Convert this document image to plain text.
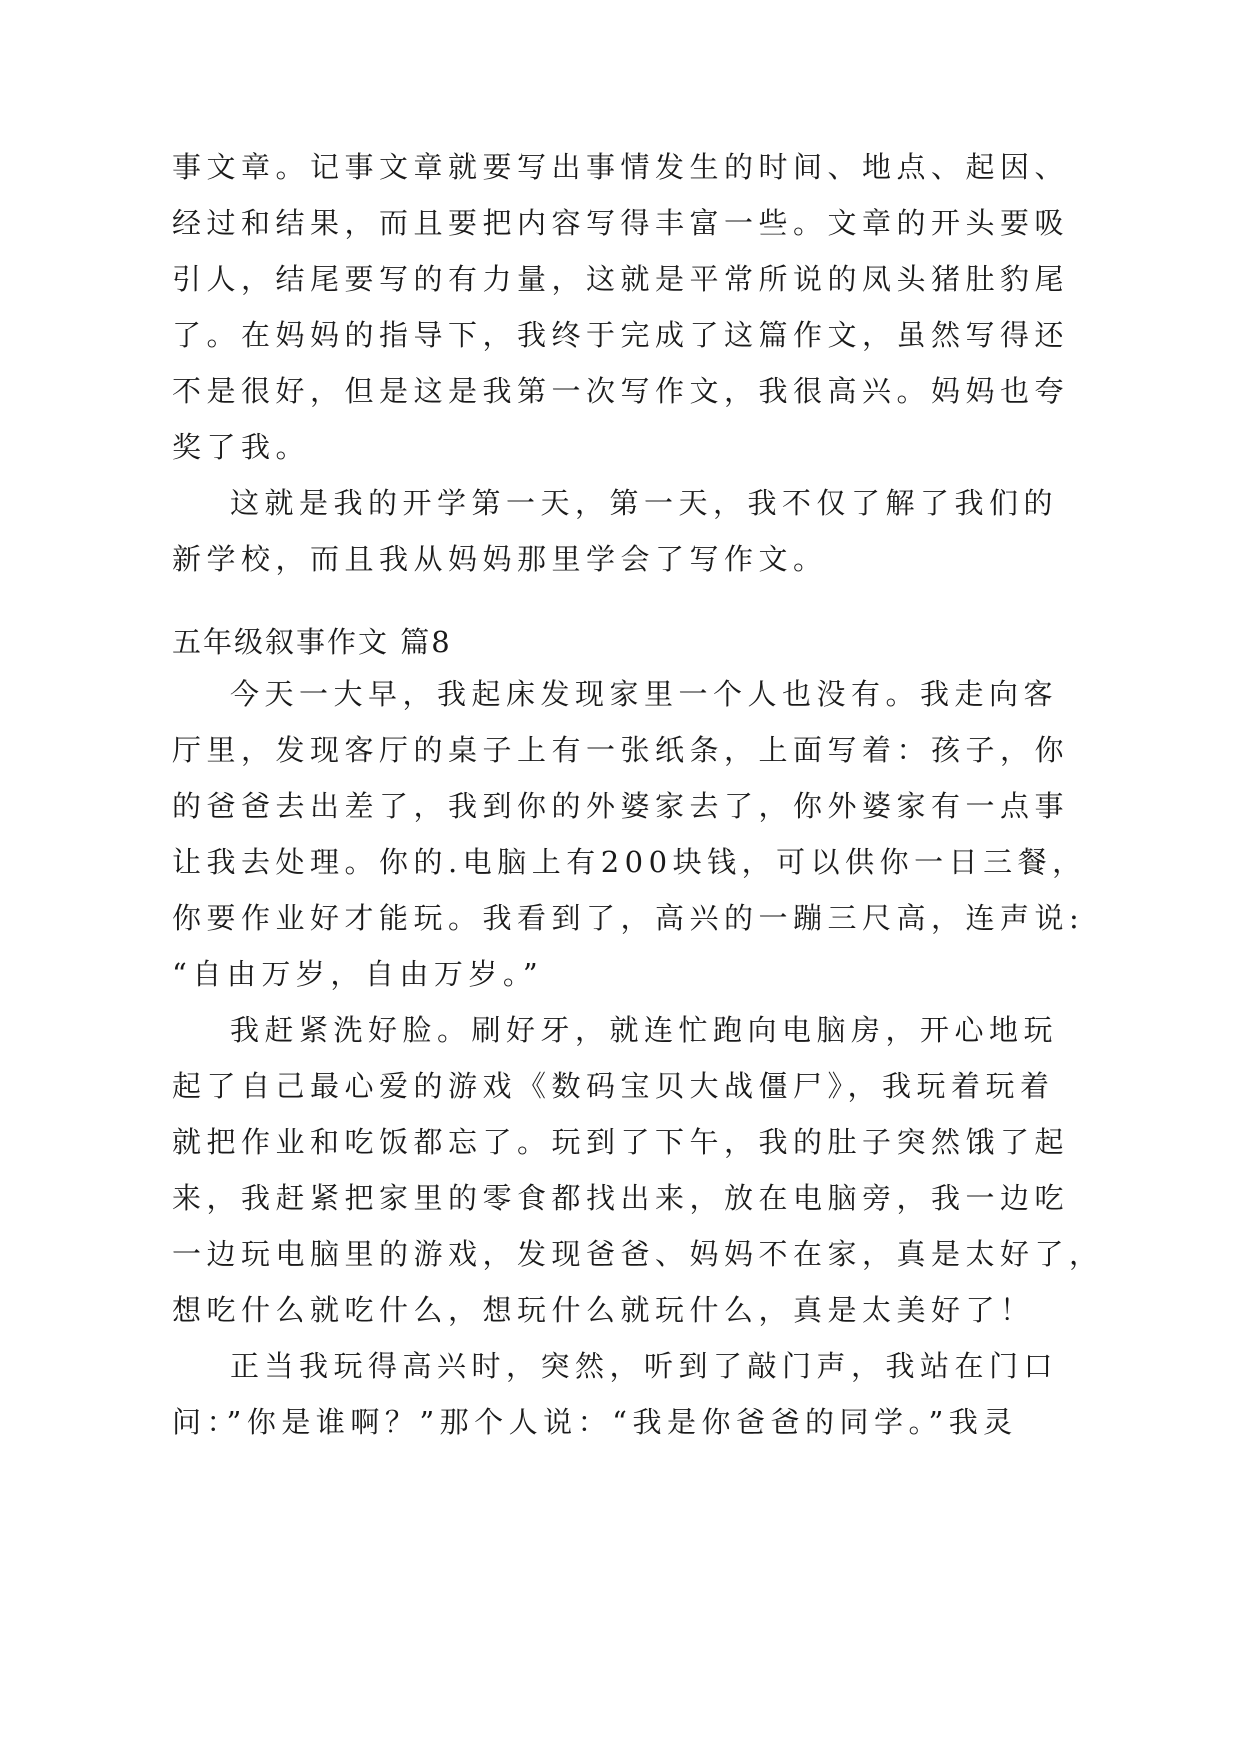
事文章。记事文章就要写出事情发生的时间、地点、起因、
经过和结果，而且要把内容写得丰富一些。文章的开头要吸
引人，结尾要写的有力量，这就是平常所说的凤头猪肚豹尾
了。在妈妈的指导下，我终于完成了这篇作文，虽然写得还
不是很好，但是这是我第一次写作文，我很高兴。妈妈也夸
奖了我。
这就是我的开学第一天，第一天，我不仅了解了我们的
新学校，而且我从妈妈那里学会了写作文。
五年级叙事作文 篇8
今天一大早，我起床发现家里一个人也没有。我走向客
厅里，发现客厅的桌子上有一张纸条，上面写着：孩子，你
的爸爸去出差了，我到你的外婆家去了，你外婆家有一点事
让我去处理。你的.电脑上有200块钱，可以供你一日三餐，
你要作业好才能玩。我看到了，高兴的一蹦三尺高，连声说:
“自由万岁，自由万岁。”
我赶紧洗好脸。刷好牙，就连忙跑向电脑房，开心地玩
起了自己最心爱的游戏《数码宝贝大战僵尸》，我玩着玩着
就把作业和吃饭都忘了。玩到了下午，我的肚子突然饿了起
来，我赶紧把家里的零食都找出来，放在电脑旁，我一边吃
一边玩电脑里的游戏，发现爸爸、妈妈不在家，真是太好了，
想吃什么就吃什么，想玩什么就玩什么，真是太美好了！
正当我玩得高兴时，突然，听到了敲门声，我站在门口
问：”你是谁啊？”那个人说：“我是你爸爸的同学。”我灵
